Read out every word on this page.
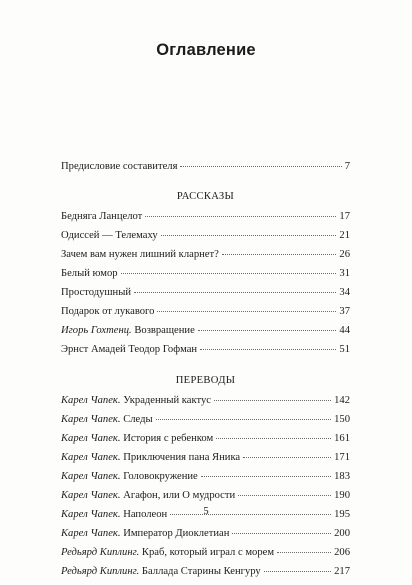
Оглавление
Предисловие составителя	7
РАССКАЗЫ
Бедняга Ланцелот	17
Одиссей — Телемаху	21
Зачем вам нужен лишний кларнет?	26
Белый юмор	31
Простодушный	34
Подарок от лукавого	37
Игорь Гохтенц. Возвращение	44
Эрнст Амадей Теодор Гофман	51
ПЕРЕВОДЫ
Карел Чапек. Украденный кактус	142
Карел Чапек. Следы	150
Карел Чапек. История с ребенком	161
Карел Чапек. Приключения пана Яника	171
Карел Чапек. Головокружение	183
Карел Чапек. Агафон, или О мудрости	190
Карел Чапек. Наполеон	195
Карел Чапек. Император Диоклетиан	200
Редьярд Киплинг. Краб, который играл с морем	206
Редьярд Киплинг. Баллада Старины Кенгуру	217
5
